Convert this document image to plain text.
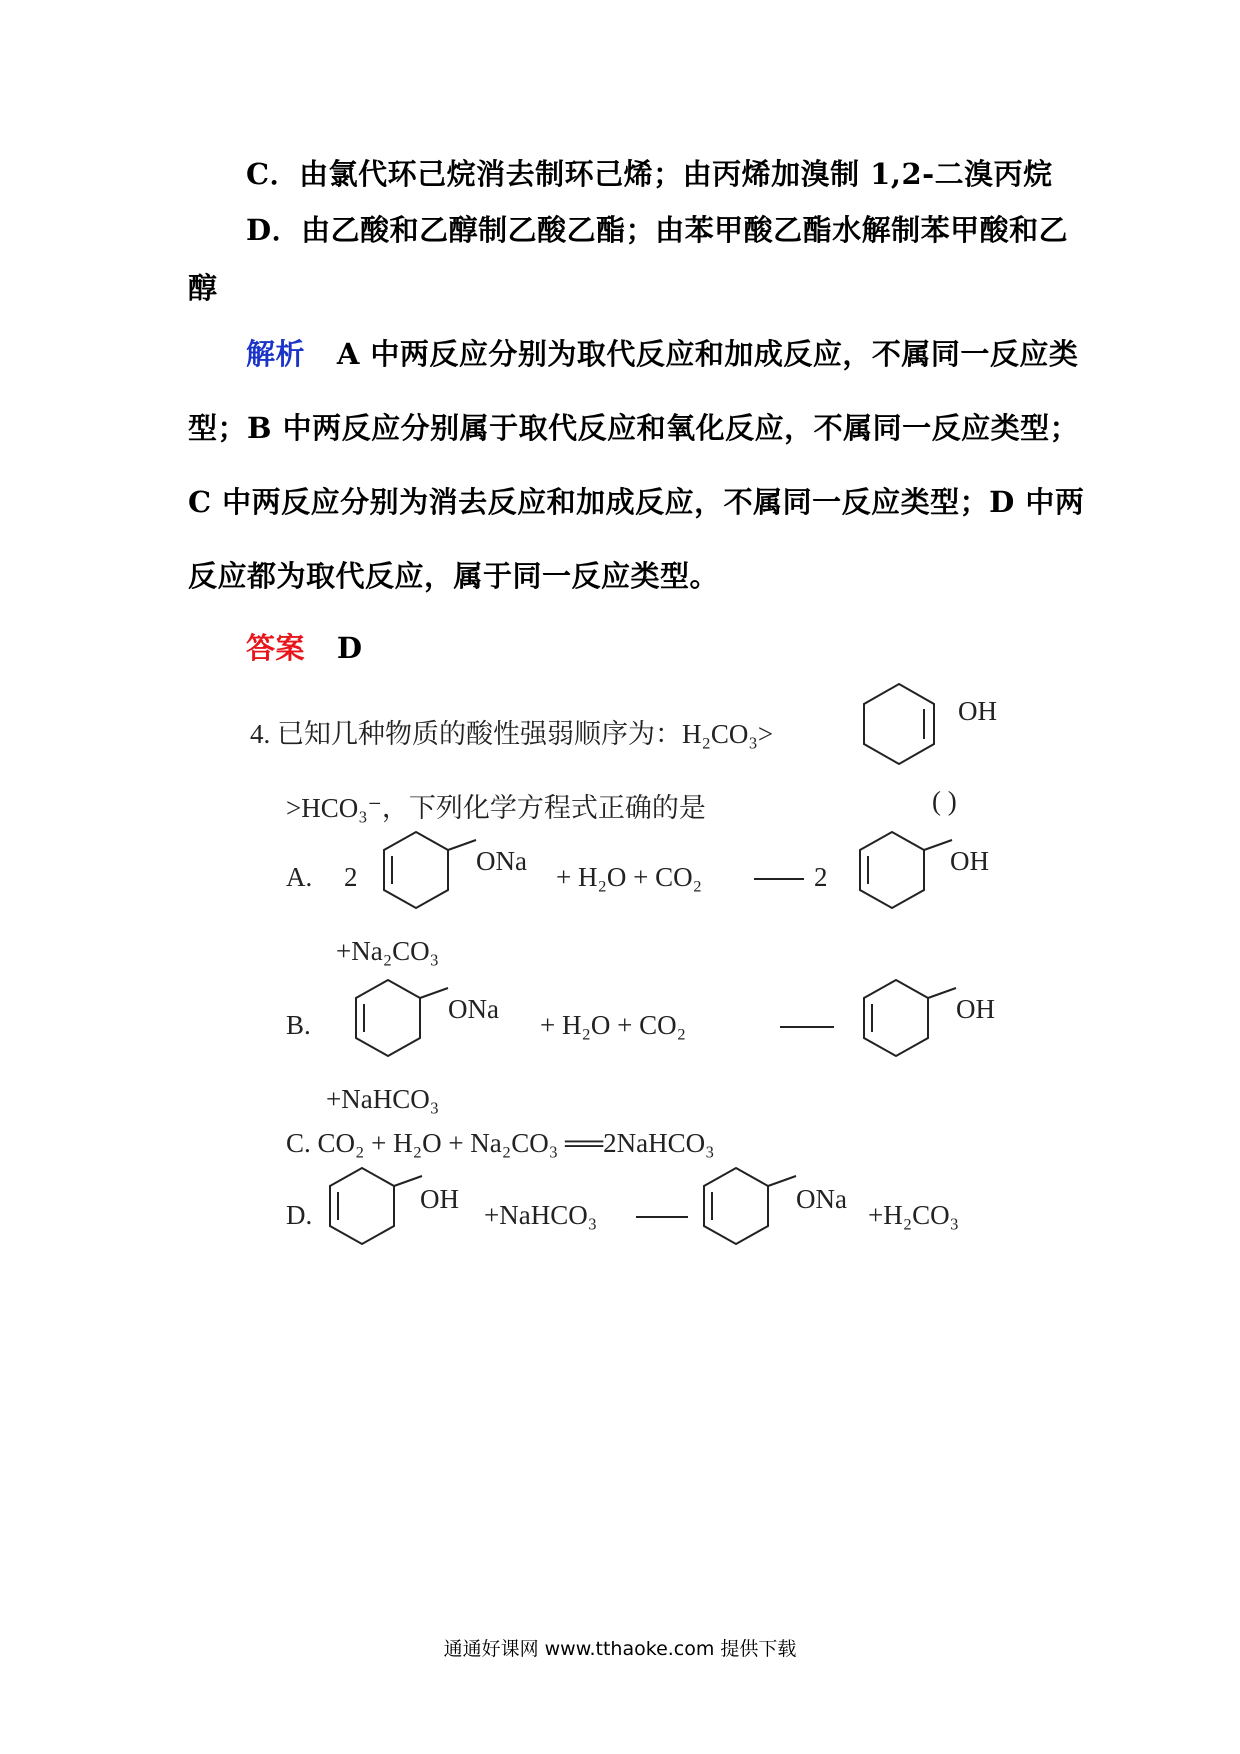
C．由氯代环己烷消去制环己烯；由丙烯加溴制 1,2-二溴丙烷
D．由乙酸和乙醇制乙酸乙酯；由苯甲酸乙酯水解制苯甲酸和乙
醇
解析 A 中两反应分别为取代反应和加成反应，不属同一反应类
型；B 中两反应分别属于取代反应和氧化反应，不属同一反应类型；
C 中两反应分别为消去反应和加成反应，不属同一反应类型；D 中两
反应都为取代反应，属于同一反应类型。
答案 D
4. 已知几种物质的酸性强弱顺序为：H₂CO₃>
OH
>HCO₃⁻，下列化学方程式正确的是	( )
A. 2
ONa
+ H₂O + CO₂	2
OH
+Na₂CO₃
B.
ONa
+ H₂O + CO₂
OH
+NaHCO₃
C. CO₂ + H₂O + Na₂CO₃ ══2NaHCO₃
D.
OH
+NaHCO₃
ONa
+H₂CO₃
通通好课网 www.tthaoke.com 提供下载
